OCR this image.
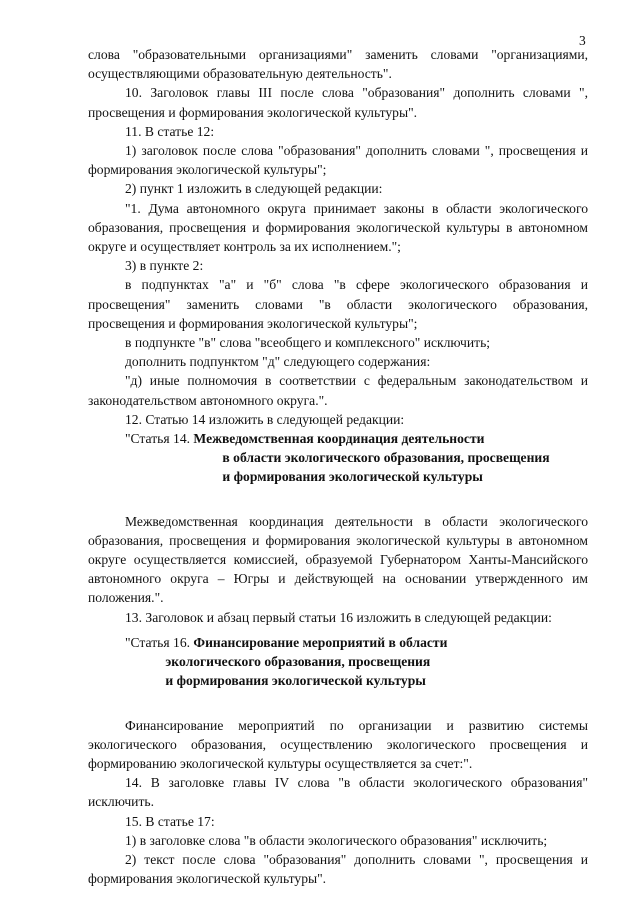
3

слова "образовательными организациями" заменить словами "организациями, осуществляющими образовательную деятельность".

10. Заголовок главы III после слова "образования" дополнить словами ", просвещения и формирования экологической культуры".

11. В статье 12:

1) заголовок после слова "образования" дополнить словами ", просвещения и формирования экологической культуры";

2) пункт 1 изложить в следующей редакции:

"1. Дума автономного округа принимает законы в области экологического образования, просвещения и формирования экологической культуры в автономном округе и осуществляет контроль за их исполнением.";

3) в пункте 2:

в подпунктах "а" и "б" слова "в сфере экологического образования и просвещения" заменить словами "в области экологического образования, просвещения и формирования экологической культуры";

в подпункте "в" слова "всеобщего и комплексного" исключить;

дополнить подпунктом "д" следующего содержания:

"д) иные полномочия в соответствии с федеральным законодательством и законодательством автономного округа.".

12. Статью 14 изложить в следующей редакции:

"Статья 14. Межведомственная координация деятельности
в области экологического образования, просвещения
и формирования экологической культуры

Межведомственная координация деятельности в области экологического образования, просвещения и формирования экологической культуры в автономном округе осуществляется комиссией, образуемой Губернатором Ханты-Мансийского автономного округа – Югры и действующей на основании утвержденного им положения.".

13. Заголовок и абзац первый статьи 16 изложить в следующей редакции:

"Статья 16. Финансирование мероприятий в области
экологического образования, просвещения
и формирования экологической культуры

Финансирование мероприятий по организации и развитию системы экологического образования, осуществлению экологического просвещения и формированию экологической культуры осуществляется за счет:".

14. В заголовке главы IV слова "в области экологического образования" исключить.

15. В статье 17:

1) в заголовке слова "в области экологического образования" исключить;

2) текст после слова "образования" дополнить словами ", просвещения и формирования экологической культуры".
